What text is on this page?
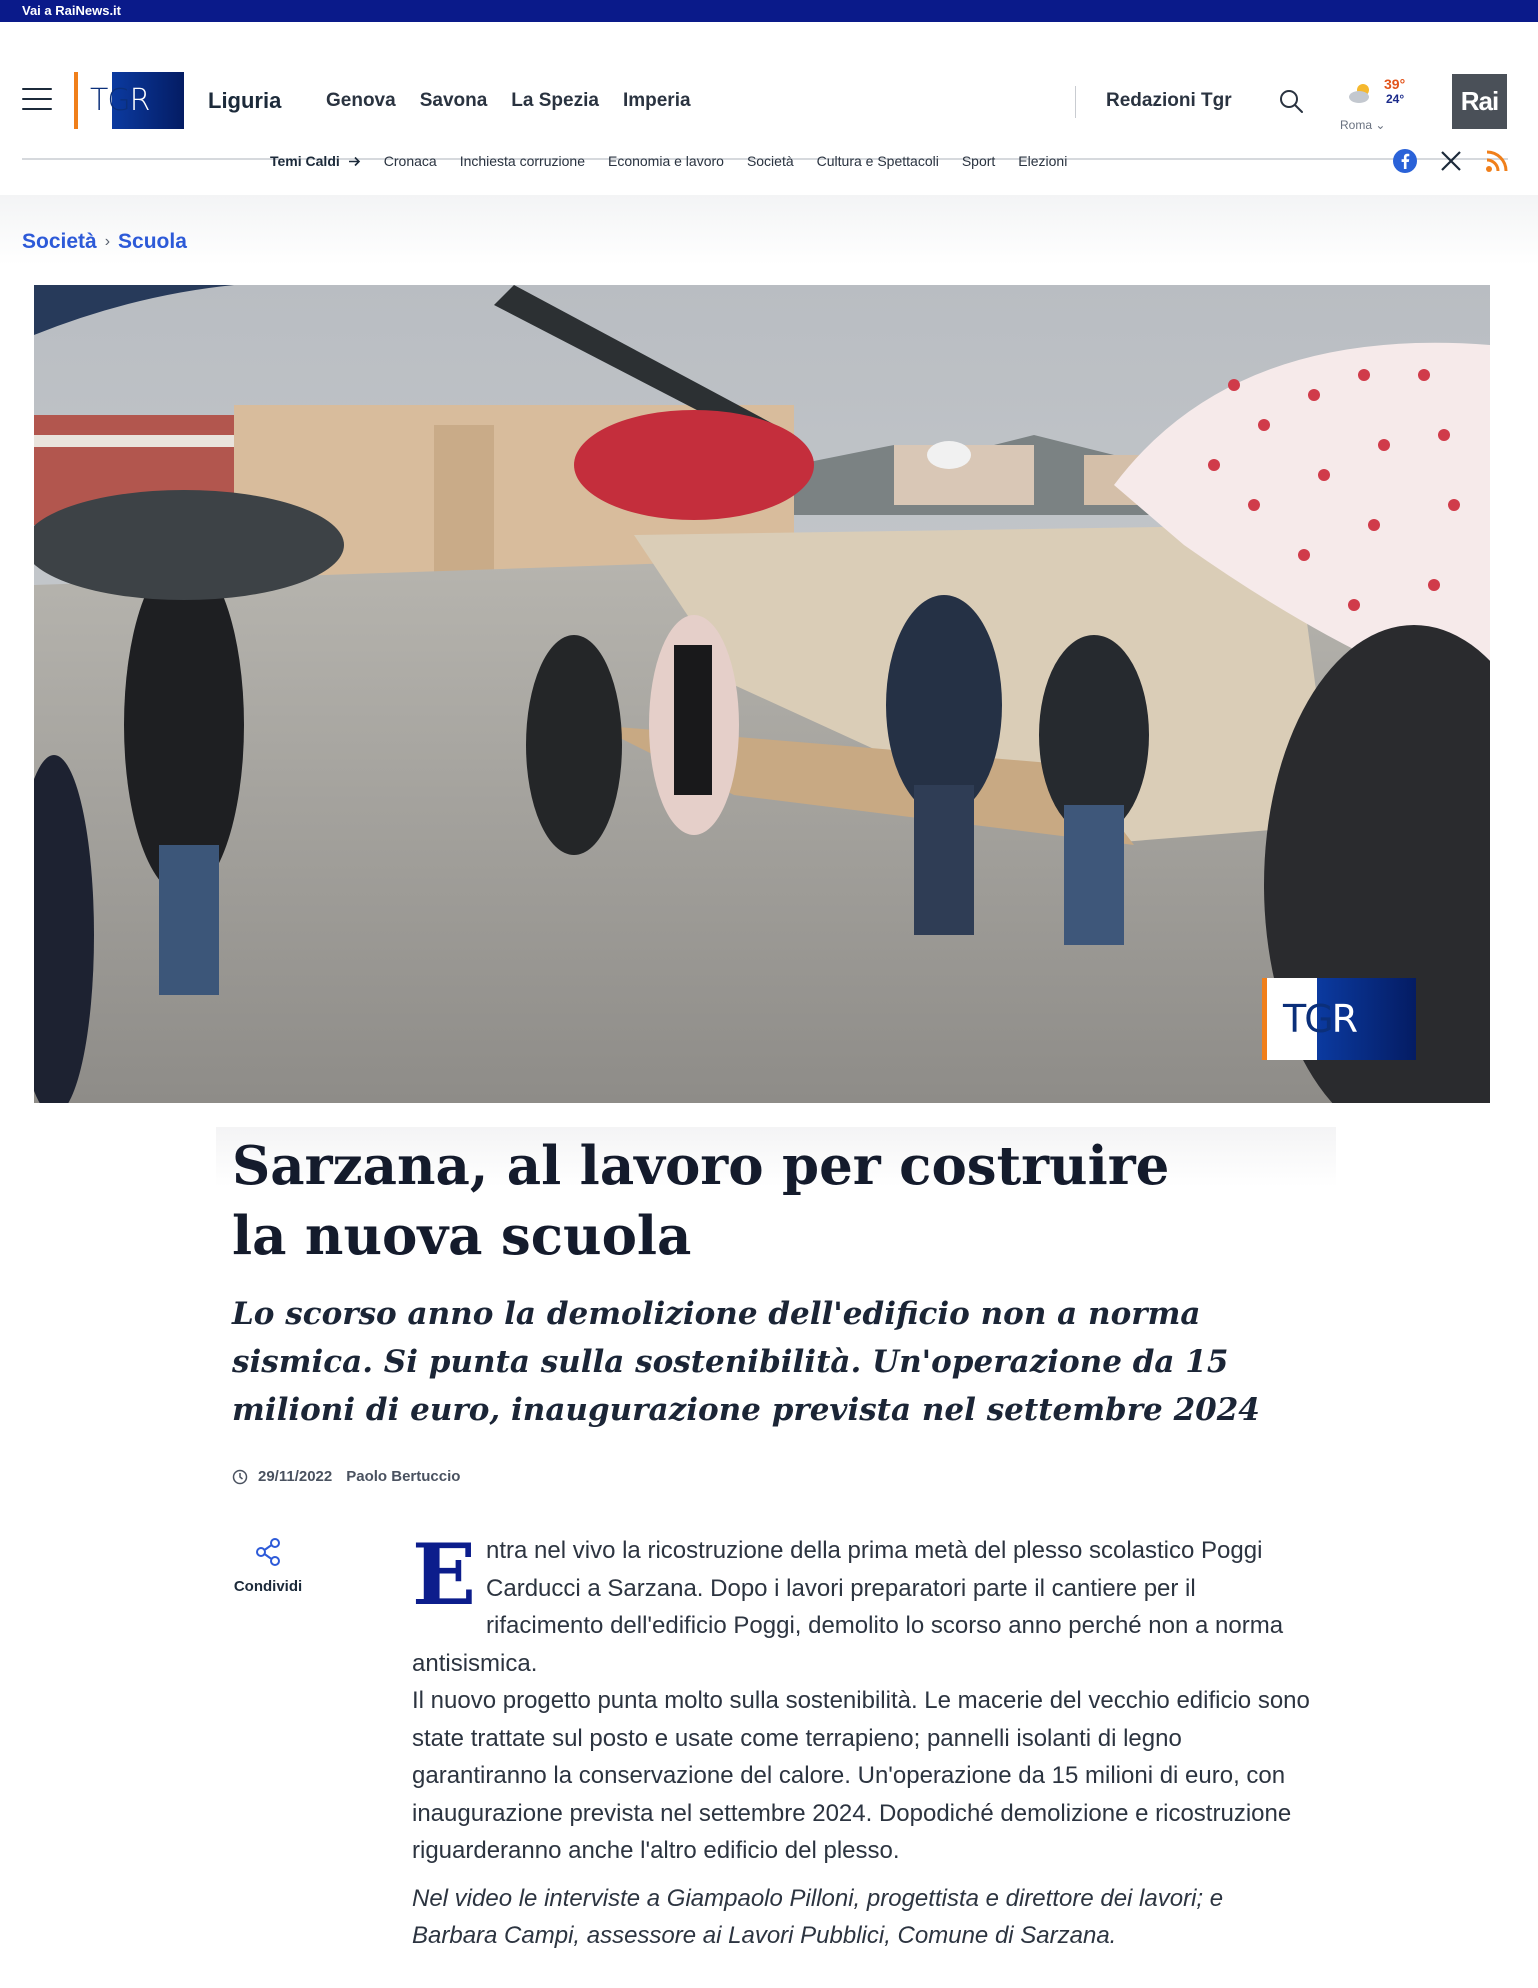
Vai a RaiNews.it
TG R	Liguria Genova Savona La Spezia Imperia	Redazioni Tgr
39°
24°
Roma ⌄
Rai
Temi Caldi	Cronaca Inchiesta corruzione Economia e lavoro Società Cultura e Spettacoli Sport Elezioni
Società › Scuola
TG R
Sarzana, al lavoro per costruire la nuova scuola
Lo scorso anno la demolizione dell'edificio non a norma sismica. Si punta sulla sostenibilità. Un'operazione da 15 milioni di euro, inaugurazione prevista nel settembre 2024
29/11/2022 Paolo Bertuccio
Condividi Entra nel vivo la ricostruzione della prima metà del plesso scolastico Poggi Carducci a Sarzana. Dopo i lavori preparatori parte il cantiere per il rifacimento dell'edificio Poggi, demolito lo scorso anno perché non a norma antisismica.

Il nuovo progetto punta molto sulla sostenibilità. Le macerie del vecchio edificio sono state trattate sul posto e usate come terrapieno; pannelli isolanti di legno garantiranno la conservazione del calore. Un'operazione da 15 milioni di euro, con inaugurazione prevista nel settembre 2024. Dopodiché demolizione e ricostruzione riguarderanno anche l'altro edificio del plesso.

Nel video le interviste a Giampaolo Pilloni, progettista e direttore dei lavori; e Barbara Campi, assessore ai Lavori Pubblici, Comune di Sarzana.
